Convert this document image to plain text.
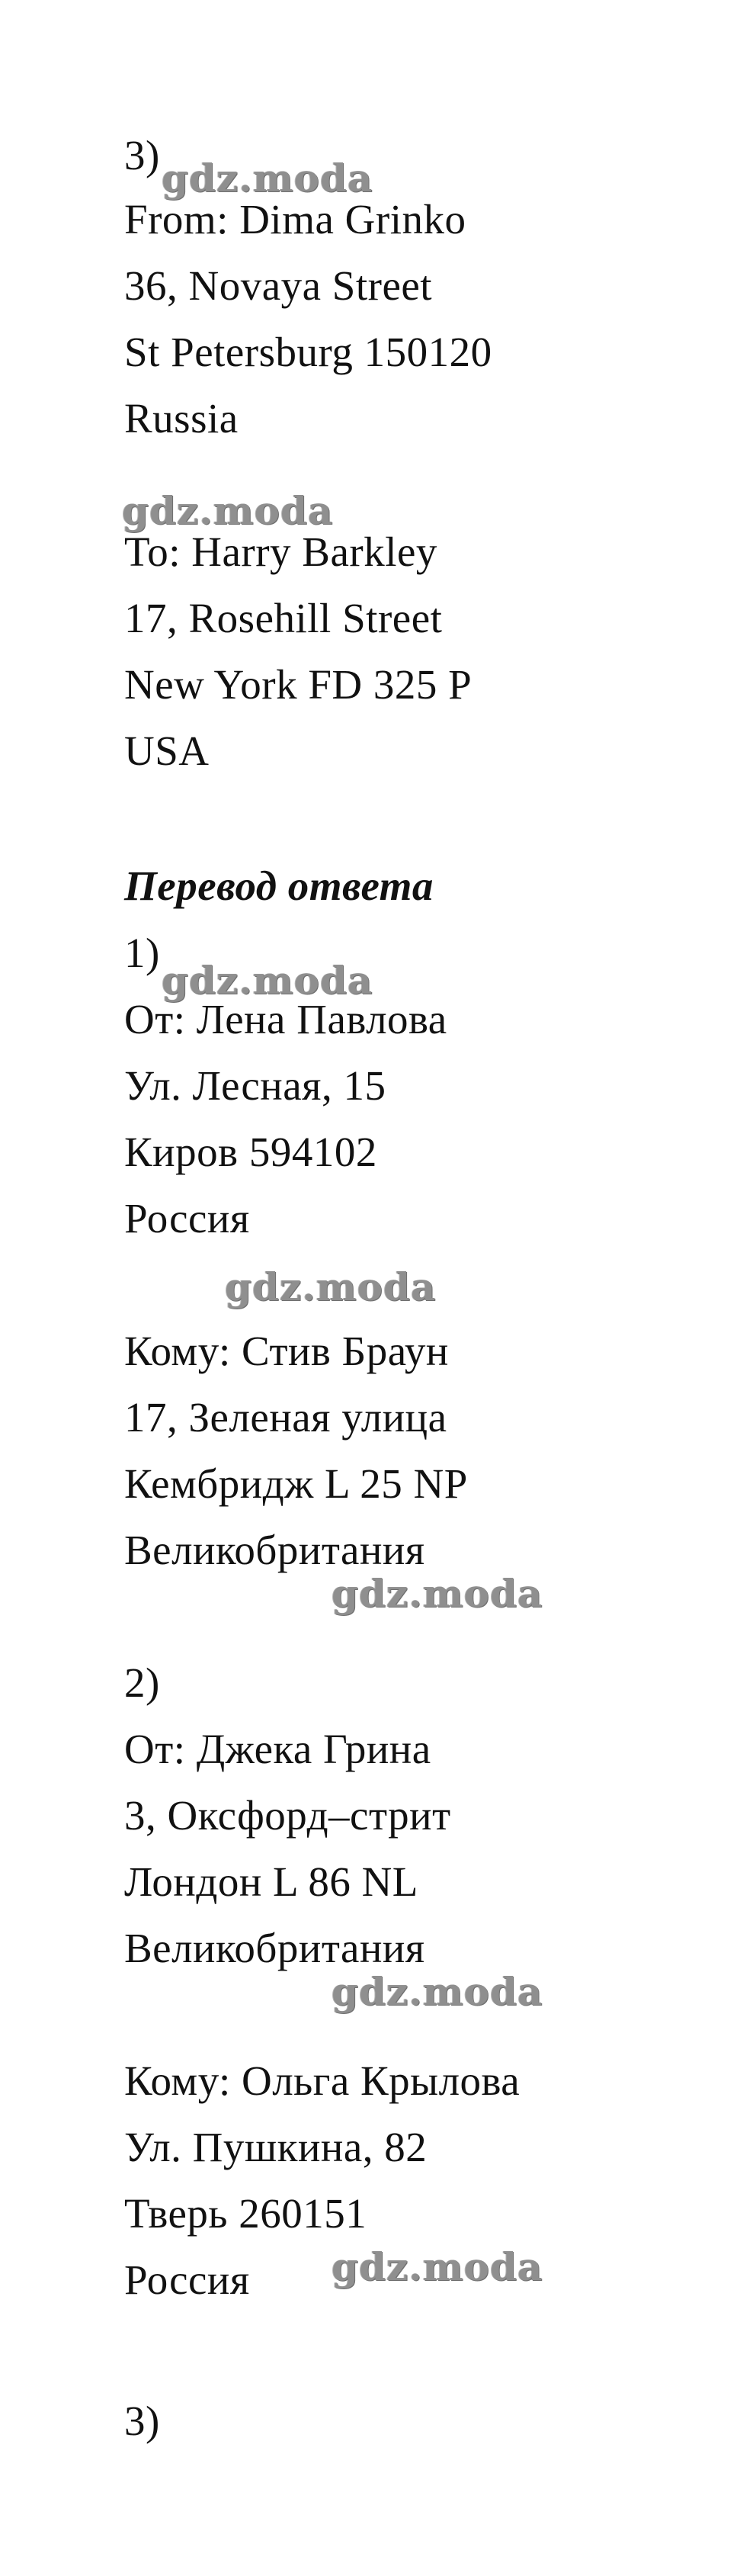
3) gdz.moda
From: Dima Grinko
36, Novaya Street
St Petersburg 150120
Russia
gdz.moda
To: Harry Barkley
17, Rosehill Street
New York FD 325 P
USA
Перевод ответа
1)
gdz.moda
От: Лена Павлова
Ул. Лесная, 15
Киров 594102
Россия
gdz.moda
Кому: Стив Браун
17, Зеленая улица
Кембридж L 25 NP
Великобритания
gdz.moda
2)
От: Джека Грина
3, Оксфорд–стрит
Лондон L 86 NL
Великобритания
gdz.moda
Кому: Ольга Крылова
Ул. Пушкина, 82
Тверь 260151
Россия gdz.moda
3)
